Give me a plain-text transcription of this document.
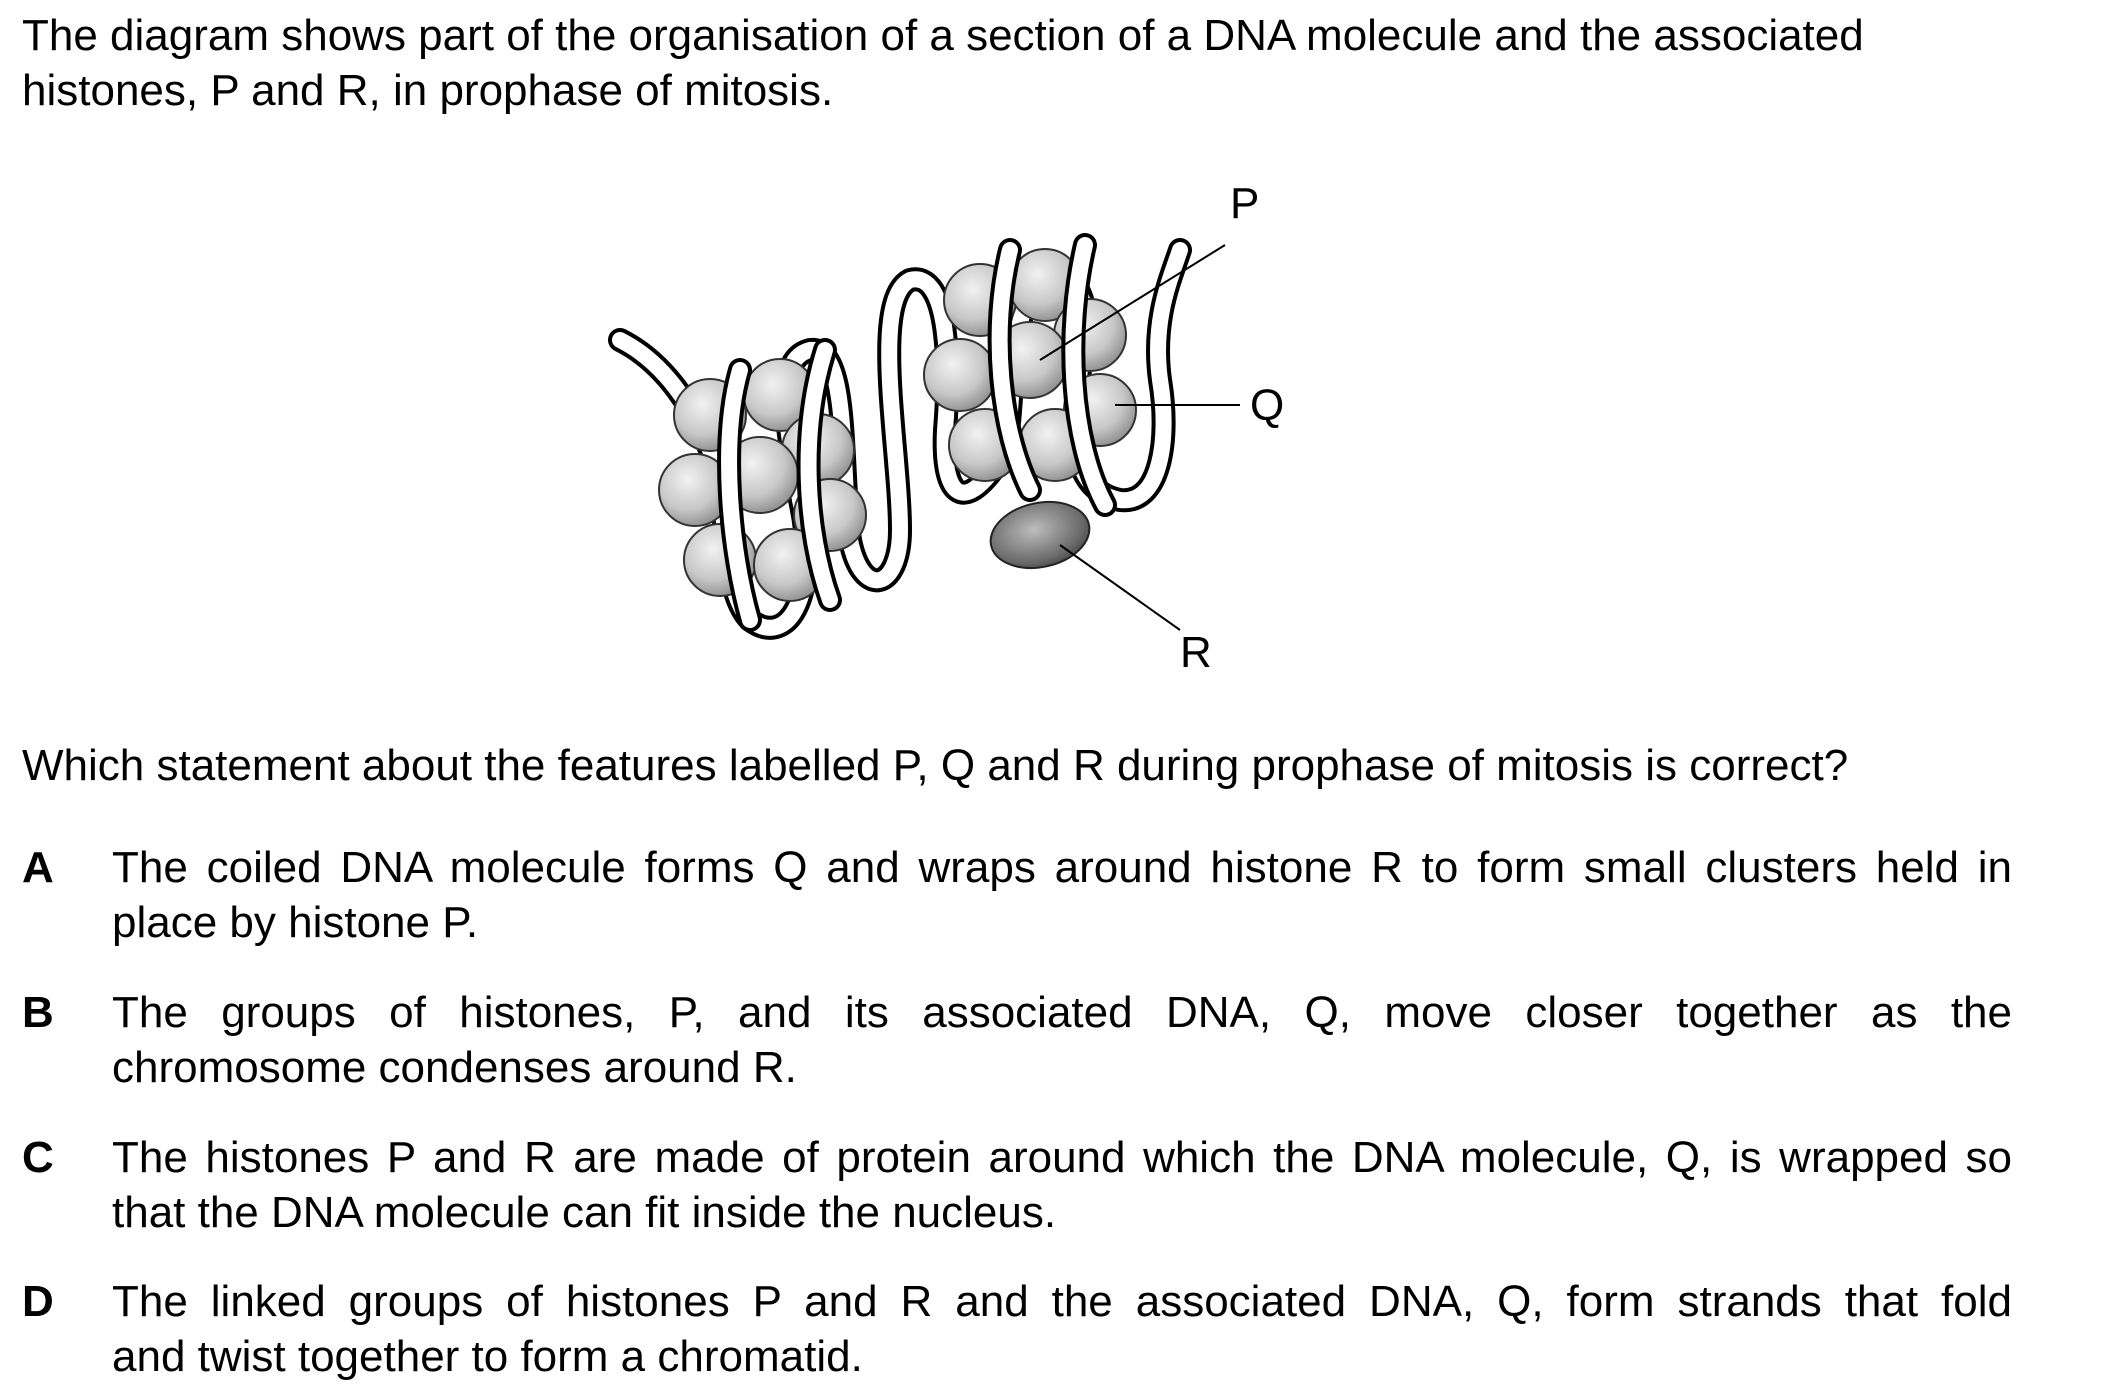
The diagram shows part of the organisation of a section of a DNA molecule and the associated
histones, P and R, in prophase of mitosis.

P
Q
R

Which statement about the features labelled P, Q and R during prophase of mitosis is correct?

A The coiled DNA molecule forms Q and wraps around histone R to form small clusters held in
place by histone P.
B The groups of histones, P, and its associated DNA, Q, move closer together as the
chromosome condenses around R.
C The histones P and R are made of protein around which the DNA molecule, Q, is wrapped so
that the DNA molecule can fit inside the nucleus.
D The linked groups of histones P and R and the associated DNA, Q, form strands that fold
and twist together to form a chromatid.
